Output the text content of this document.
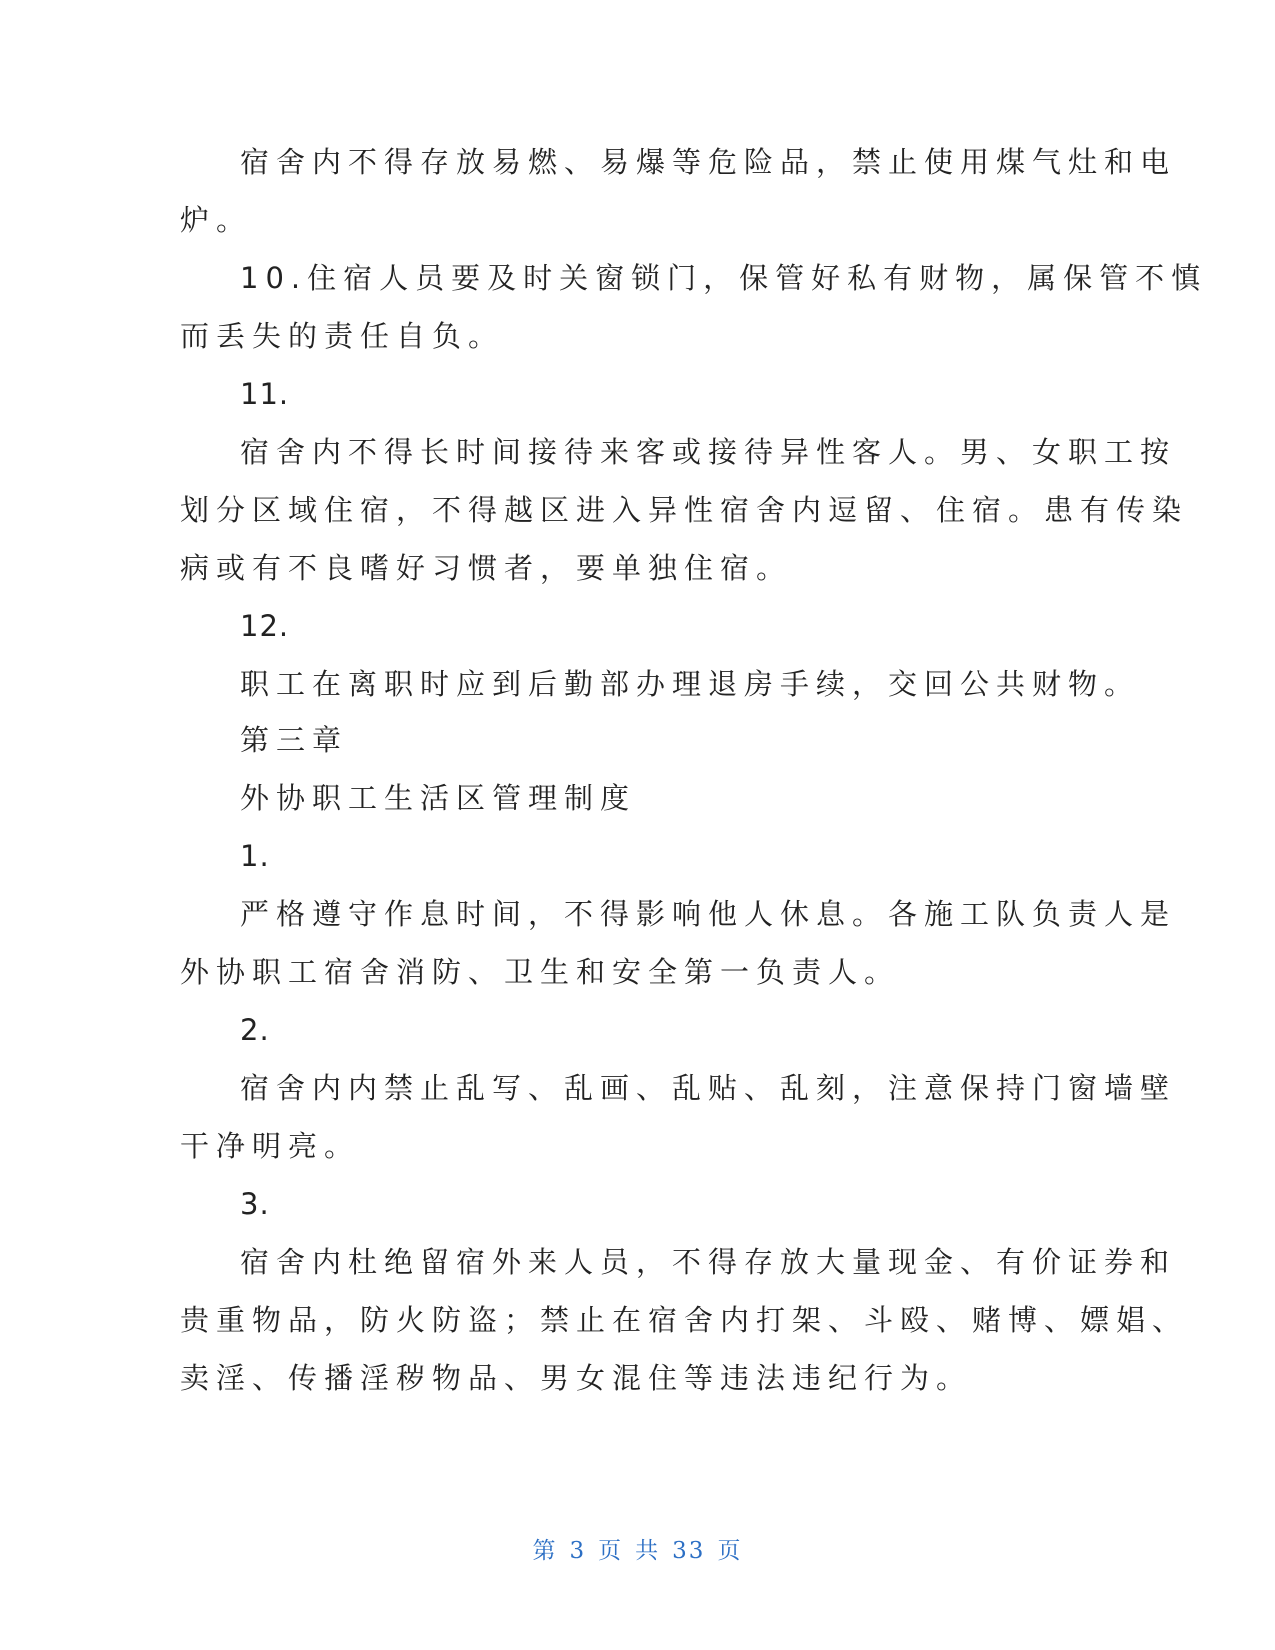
宿舍内不得存放易燃、易爆等危险品，禁止使用煤气灶和电
炉。
10.住宿人员要及时关窗锁门，保管好私有财物，属保管不慎
而丢失的责任自负。
11.
宿舍内不得长时间接待来客或接待异性客人。男、女职工按
划分区域住宿，不得越区进入异性宿舍内逗留、住宿。患有传染
病或有不良嗜好习惯者，要单独住宿。
12.
职工在离职时应到后勤部办理退房手续，交回公共财物。
第三章
外协职工生活区管理制度
1.
严格遵守作息时间，不得影响他人休息。各施工队负责人是
外协职工宿舍消防、卫生和安全第一负责人。
2.
宿舍内内禁止乱写、乱画、乱贴、乱刻，注意保持门窗墙壁
干净明亮。
3.
宿舍内杜绝留宿外来人员，不得存放大量现金、有价证券和
贵重物品，防火防盗；禁止在宿舍内打架、斗殴、赌博、嫖娼、
卖淫、传播淫秽物品、男女混住等违法违纪行为。
第 3 页 共 33 页
